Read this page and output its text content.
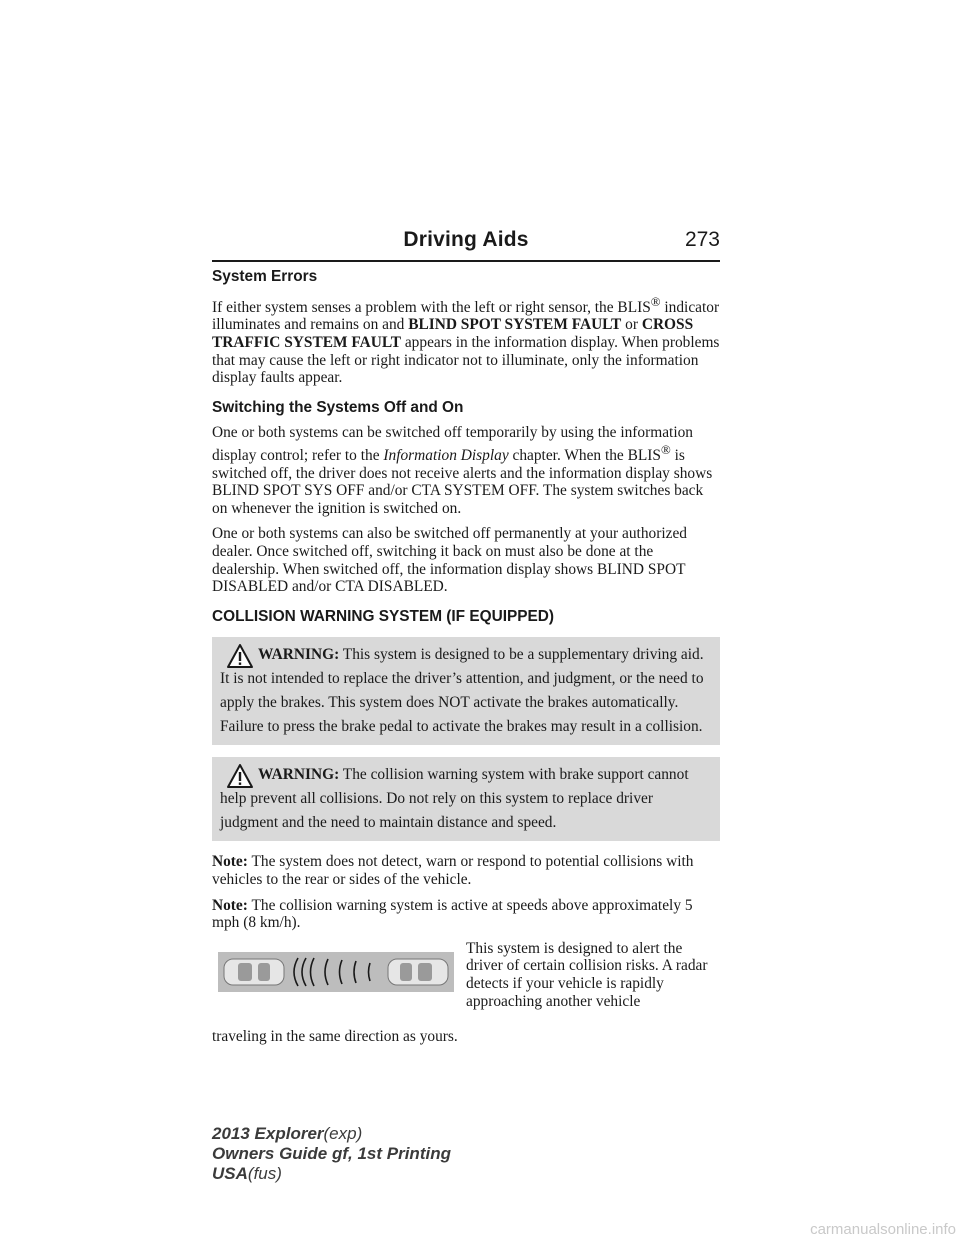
Driving Aids	273
System Errors

If either system senses a problem with the left or right sensor, the BLIS® indicator illuminates and remains on and BLIND SPOT SYSTEM FAULT or CROSS TRAFFIC SYSTEM FAULT appears in the information display. When problems that may cause the left or right indicator not to illuminate, only the information display faults appear.

Switching the Systems Off and On

One or both systems can be switched off temporarily by using the information display control; refer to the Information Display chapter. When the BLIS® is switched off, the driver does not receive alerts and the information display shows BLIND SPOT SYS OFF and/or CTA SYSTEM OFF. The system switches back on whenever the ignition is switched on.

One or both systems can also be switched off permanently at your authorized dealer. Once switched off, switching it back on must also be done at the dealership. When switched off, the information display shows BLIND SPOT DISABLED and/or CTA DISABLED.

COLLISION WARNING SYSTEM (IF EQUIPPED)
WARNING: This system is designed to be a supplementary driving aid. It is not intended to replace the driver’s attention, and judgment, or the need to apply the brakes. This system does NOT activate the brakes automatically. Failure to press the brake pedal to activate the brakes may result in a collision.
WARNING: The collision warning system with brake support cannot help prevent all collisions. Do not rely on this system to replace driver judgment and the need to maintain distance and speed.

Note: The system does not detect, warn or respond to potential collisions with vehicles to the rear or sides of the vehicle.

Note: The collision warning system is active at speeds above approximately 5 mph (8 km/h).

This system is designed to alert the driver of certain collision risks. A radar detects if your vehicle is rapidly approaching another vehicle
traveling in the same direction as yours.
2013 Explorer(exp)
Owners Guide gf, 1st Printing
USA(fus)
carmanualsonline.info
